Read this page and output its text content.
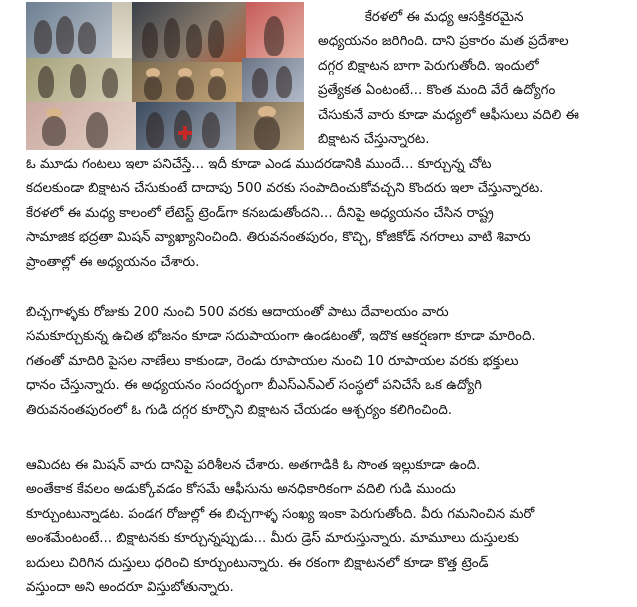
కేరళలో ఈ మధ్య ఆసక్తికరమైన
అధ్యయనం జరిగింది. దాని ప్రకారం మత ప్రదేశాల
దగ్గర బిక్షాటన బాగా పెరుగుతోంది. ఇందులో
ప్రత్యేకత ఏంటంటే... కొంత మంది వేరే ఉద్యోగం
చేసుకునే వారు కూడా మధ్యలో ఆఫీసులు వదిలి ఈ
బిక్షాటన చేస్తున్నారట.
ఓ మూడు గంటలు ఇలా పనిచేస్తే... ఇదీ కూడా ఎండ ముదరడానికి ముందే... కూర్చున్న చోట
కదలకుండా బిక్షాటన చేసుకుంటే దాదాపు 500 వరకు సంపాదించుకోవచ్చని కొందరు ఇలా చేస్తున్నారట.
కేరళలో ఈ మధ్య కాలంలో లేటెస్ట్ ట్రెండ్‌గా కనబడుతోందని... దీనిపై అధ్యయనం చేసిన రాష్ట్ర
సామాజిక భద్రతా మిషన్ వ్యాఖ్యానించింది. తిరువనంతపురం, కొచ్చి, కోజికోడ్ నగరాలు వాటి శివారు
ప్రాంతాల్లో ఈ అధ్యయనం చేశారు.
బిచ్చగాళ్ళకు రోజుకు 200 నుంచి 500 వరకు ఆదాయంతో పాటు దేవాలయం వారు
సమకూర్చుకున్న ఉచిత భోజనం కూడా సదుపాయంగా ఉండటంతో, ఇదొక ఆకర్షణగా కూడా మారింది.
గతంతో మాదిరి పైసల నాణేలు కాకుండా, రెండు రూపాయల నుంచి 10 రూపాయల వరకు భక్తులు
ధానం చేస్తున్నారు. ఈ అధ్యయనం సందర్భంగా బీఎస్ఎన్ఎల్ సంస్థలో పనిచేసే ఒక ఉద్యోగి
తిరువనంతపురంలో ఓ గుడి దగ్గర కూర్చొని బిక్షాటన చేయడం ఆశ్చర్యం కలిగించింది.
ఆమిదట ఈ మిషన్ వారు దానిపై పరిశీలన చేశారు. అతగాడికి ఓ సొంత ఇల్లుకూడా ఉంది.
అంతేకాక కేవలం అడుక్కోవడం కోసమే ఆఫీసును అనధికారికంగా వదిలి గుడి ముందు
కూర్చుంటున్నాడట. పండగ రోజుల్లో ఈ బిచ్చగాళ్ళ సంఖ్య ఇంకా పెరుగుతోంది. వీరు గమనించిన మరో
అంశమేంటంటే... బిక్షాటనకు కూర్చున్నప్పుడు... మీరు డ్రెస్ మారుస్తున్నారు. మామూలు దుస్తులకు
బదులు చిరిగిన దుస్తులు ధరించి కూర్చుంటున్నారు. ఈ రకంగా బిక్షాటనలో కూడా కొత్త ట్రెండ్
వస్తుందా అని అందరూ విస్తుబోతున్నారు.
